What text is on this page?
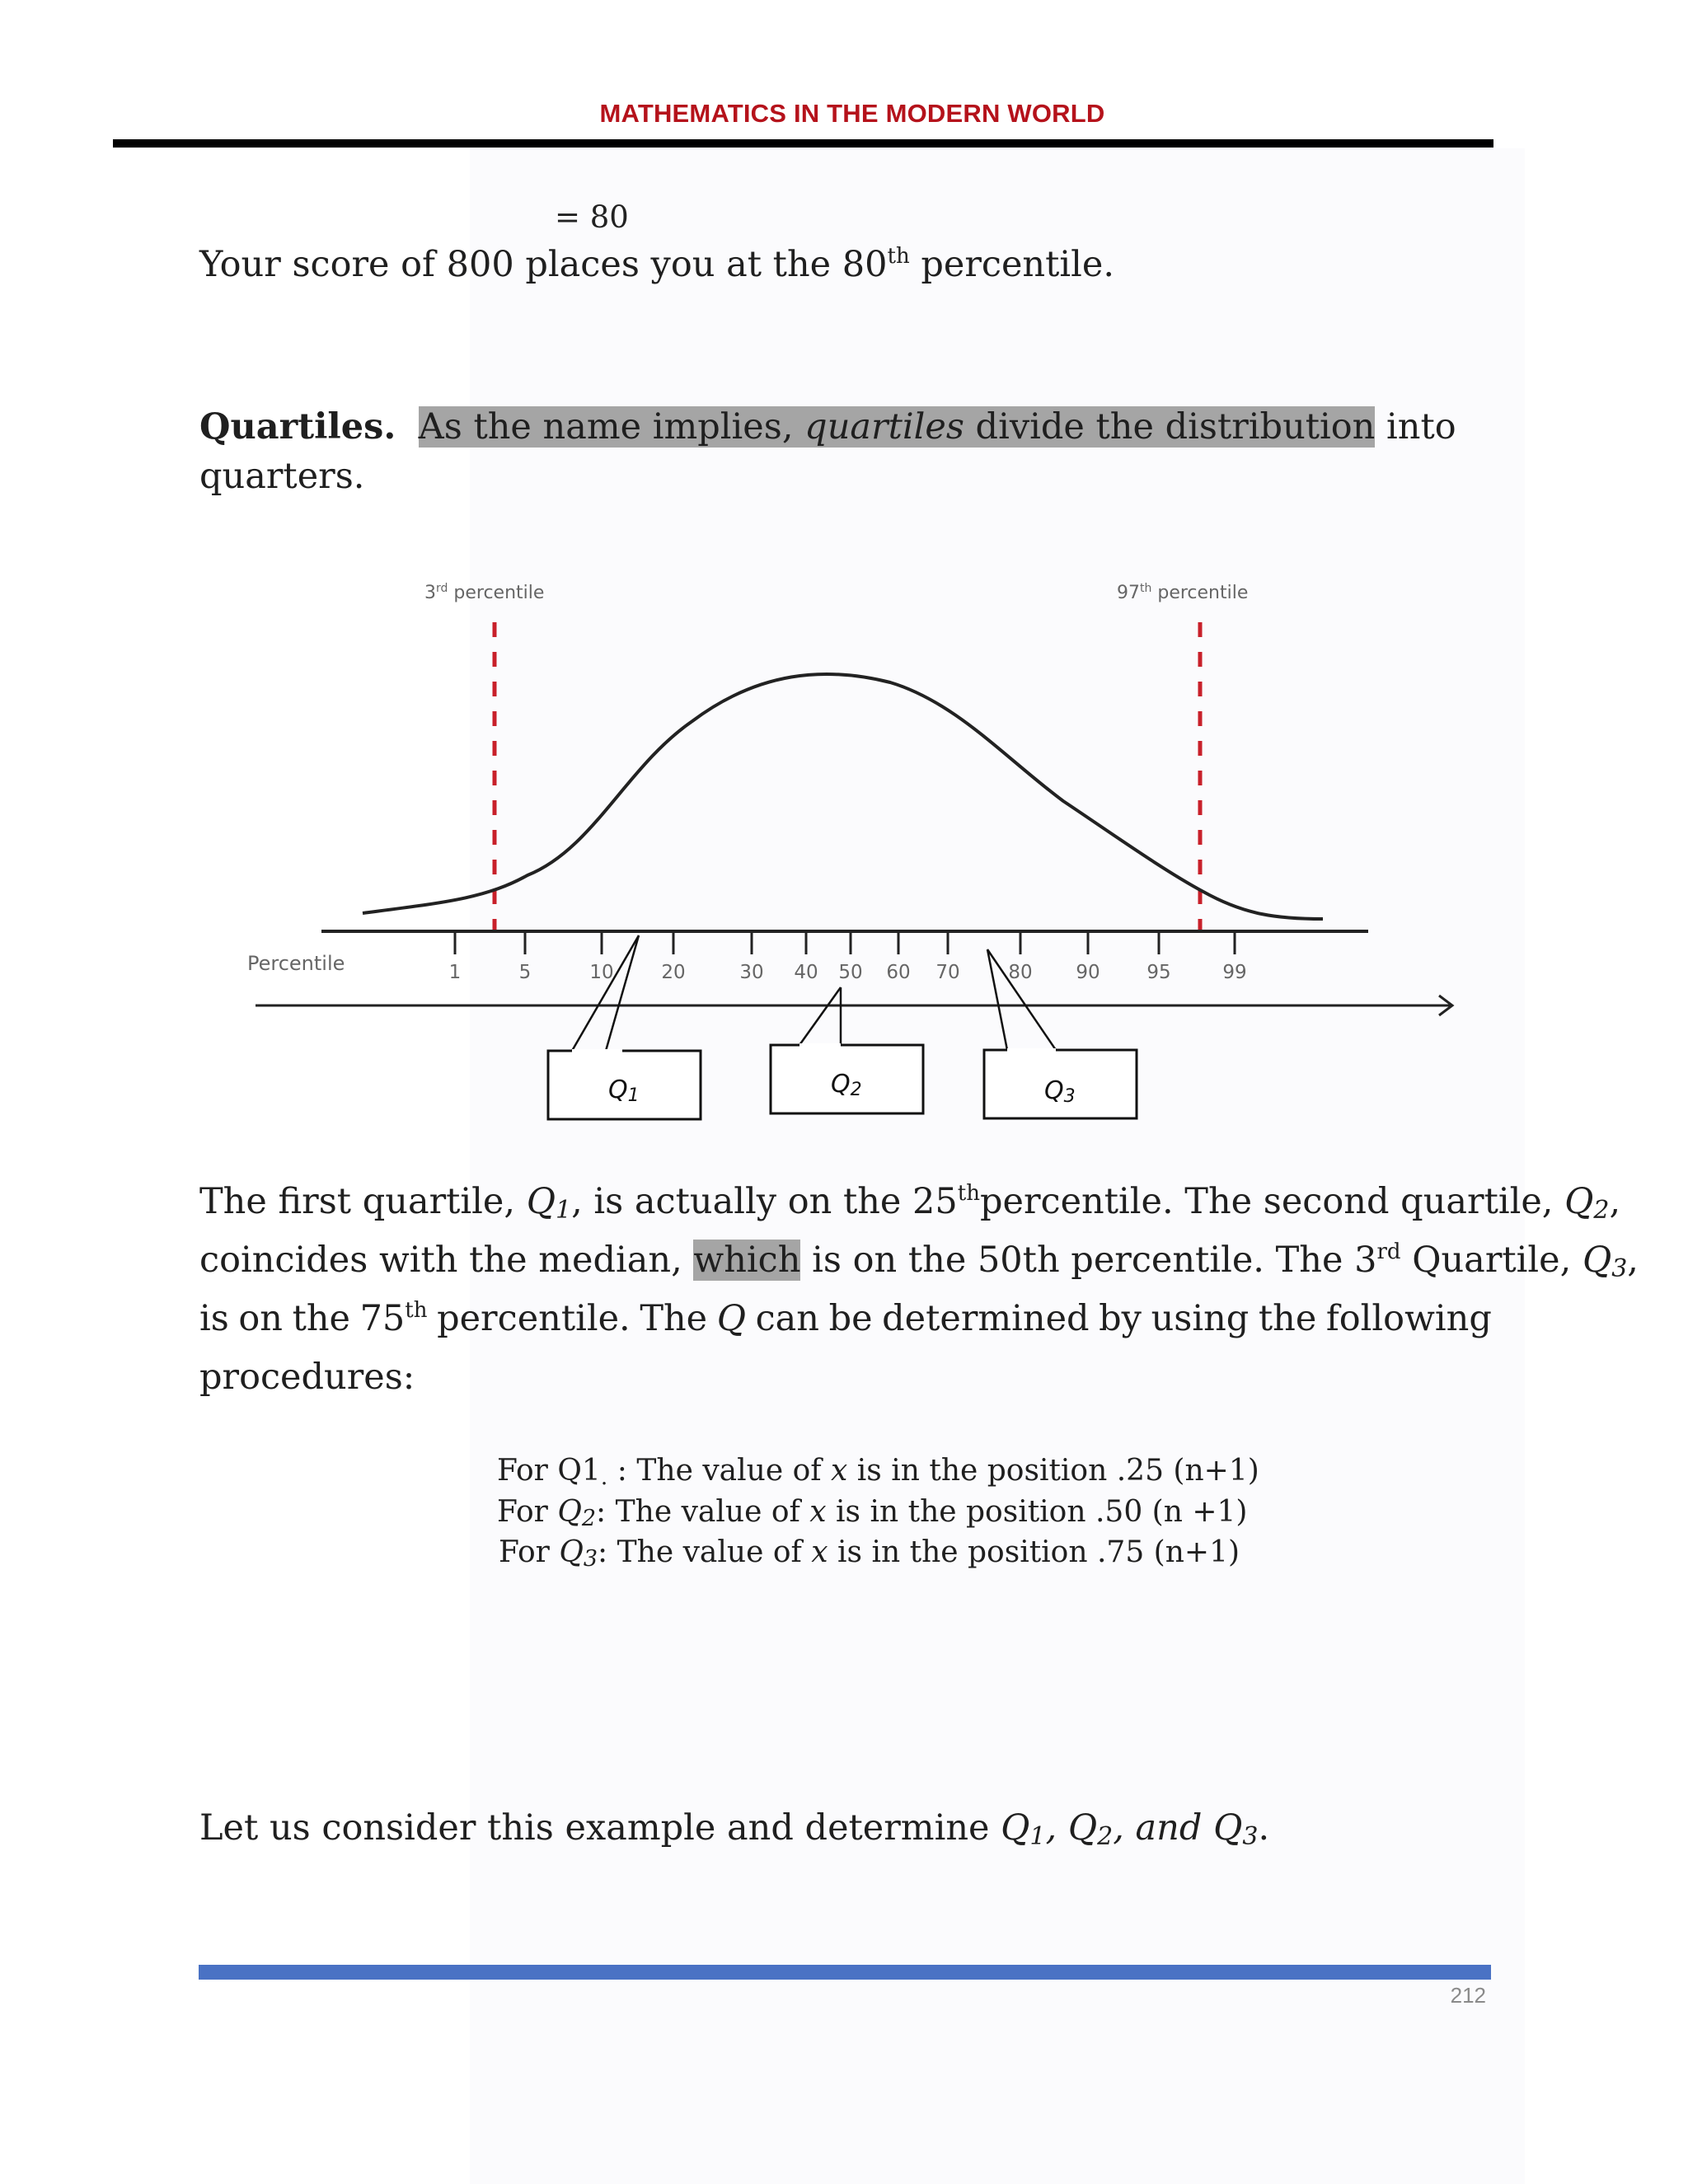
MATHEMATICS IN THE MODERN WORLD
= 80
Your score of 800 places you at the 80th percentile.
Quartiles. As the name implies, quartiles divide the distribution into
quarters.
3rd percentile	97th percentile
1	5	10	20	30 40 50 60 70	80 90 95	99
Percentile
Q1	Q2	Q3
The first quartile, $Q_1$, is actually on the 25thpercentile. The second quartile, $Q_2$,
coincides with the median, which is on the 50th percentile. The 3rd Quartile, $Q_3$,
is on the 75th percentile. The Q can be determined by using the following
procedures:
For $Q1_.$ : The value of x is in the position .25 (n+1)
For $Q_2$: The value of x is in the position .50 (n +1)
For $Q_3$: The value of x is in the position .75 (n+1)
Let us consider this example and determine $Q_1$, $Q_2$, and $Q_3$.
212
